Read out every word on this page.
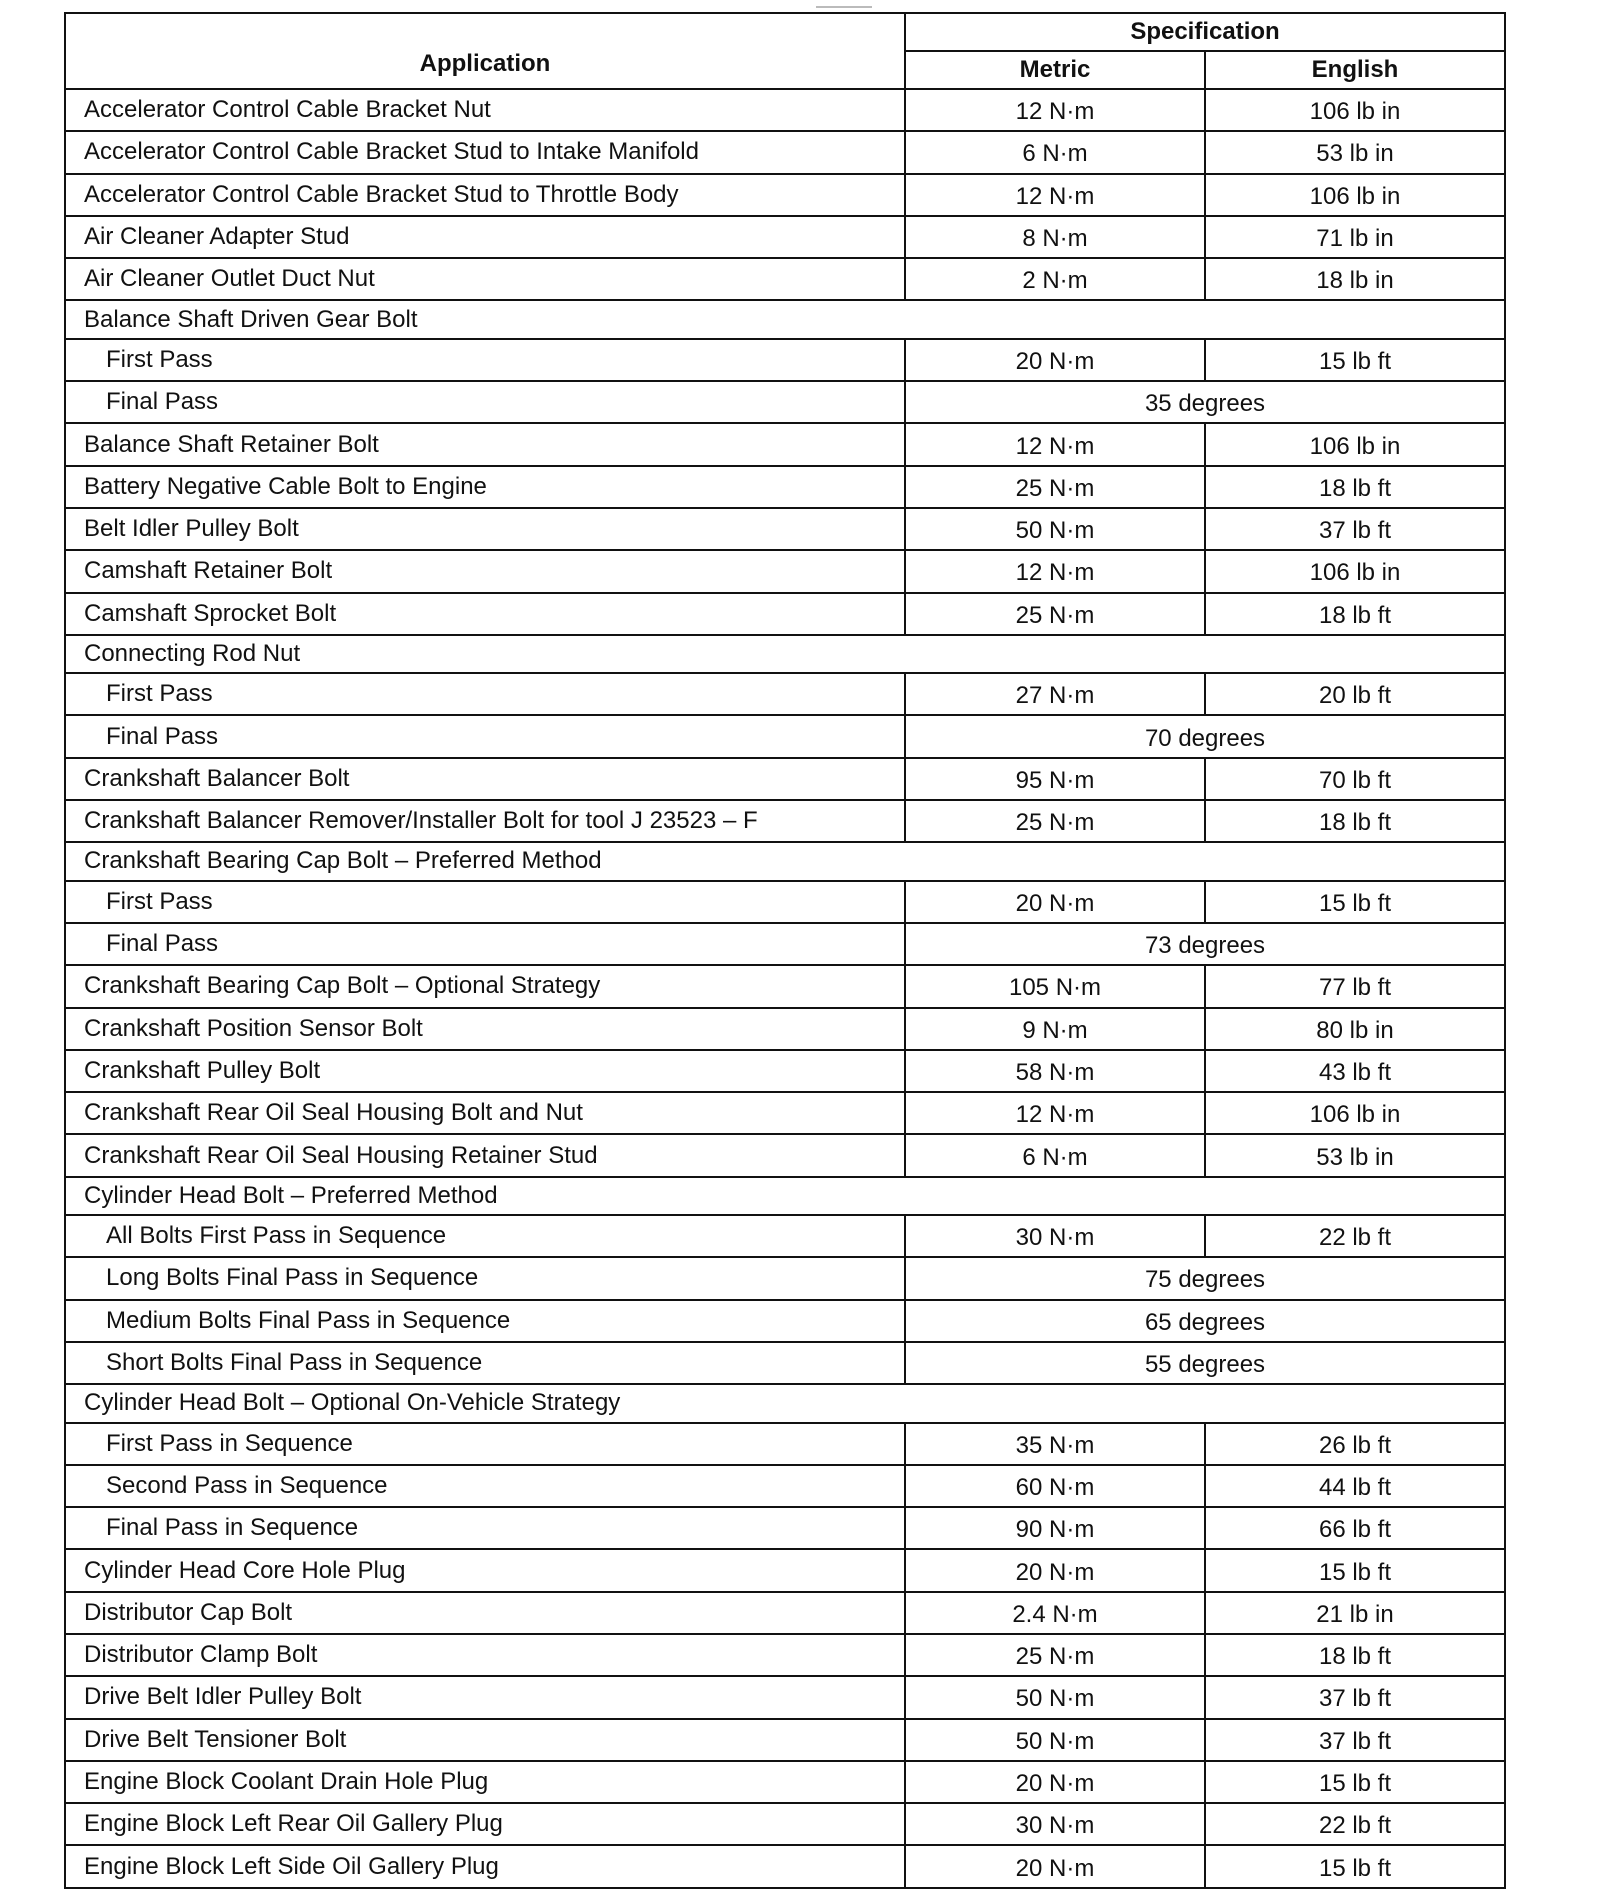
Application	Specification	
	Metric	English
Accelerator Control Cable Bracket Nut	12 N·m	106 lb in
Accelerator Control Cable Bracket Stud to Intake Manifold	6 N·m	53 lb in
Accelerator Control Cable Bracket Stud to Throttle Body	12 N·m	106 lb in
Air Cleaner Adapter Stud	8 N·m	71 lb in
Air Cleaner Outlet Duct Nut	2 N·m	18 lb in
Balance Shaft Driven Gear Bolt		
First Pass	20 N·m	15 lb ft
Final Pass	35 degrees	
Balance Shaft Retainer Bolt	12 N·m	106 lb in
Battery Negative Cable Bolt to Engine	25 N·m	18 lb ft
Belt Idler Pulley Bolt	50 N·m	37 lb ft
Camshaft Retainer Bolt	12 N·m	106 lb in
Camshaft Sprocket Bolt	25 N·m	18 lb ft
Connecting Rod Nut		
First Pass	27 N·m	20 lb ft
Final Pass	70 degrees	
Crankshaft Balancer Bolt	95 N·m	70 lb ft
Crankshaft Balancer Remover/Installer Bolt for tool J 23523 – F	25 N·m	18 lb ft
Crankshaft Bearing Cap Bolt – Preferred Method		
First Pass	20 N·m	15 lb ft
Final Pass	73 degrees	
Crankshaft Bearing Cap Bolt – Optional Strategy	105 N·m	77 lb ft
Crankshaft Position Sensor Bolt	9 N·m	80 lb in
Crankshaft Pulley Bolt	58 N·m	43 lb ft
Crankshaft Rear Oil Seal Housing Bolt and Nut	12 N·m	106 lb in
Crankshaft Rear Oil Seal Housing Retainer Stud	6 N·m	53 lb in
Cylinder Head Bolt – Preferred Method		
All Bolts First Pass in Sequence	30 N·m	22 lb ft
Long Bolts Final Pass in Sequence	75 degrees	
Medium Bolts Final Pass in Sequence	65 degrees	
Short Bolts Final Pass in Sequence	55 degrees	
Cylinder Head Bolt – Optional On-Vehicle Strategy		
First Pass in Sequence	35 N·m	26 lb ft
Second Pass in Sequence	60 N·m	44 lb ft
Final Pass in Sequence	90 N·m	66 lb ft
Cylinder Head Core Hole Plug	20 N·m	15 lb ft
Distributor Cap Bolt	2.4 N·m	21 lb in
Distributor Clamp Bolt	25 N·m	18 lb ft
Drive Belt Idler Pulley Bolt	50 N·m	37 lb ft
Drive Belt Tensioner Bolt	50 N·m	37 lb ft
Engine Block Coolant Drain Hole Plug	20 N·m	15 lb ft
Engine Block Left Rear Oil Gallery Plug	30 N·m	22 lb ft
Engine Block Left Side Oil Gallery Plug	20 N·m	15 lb ft
